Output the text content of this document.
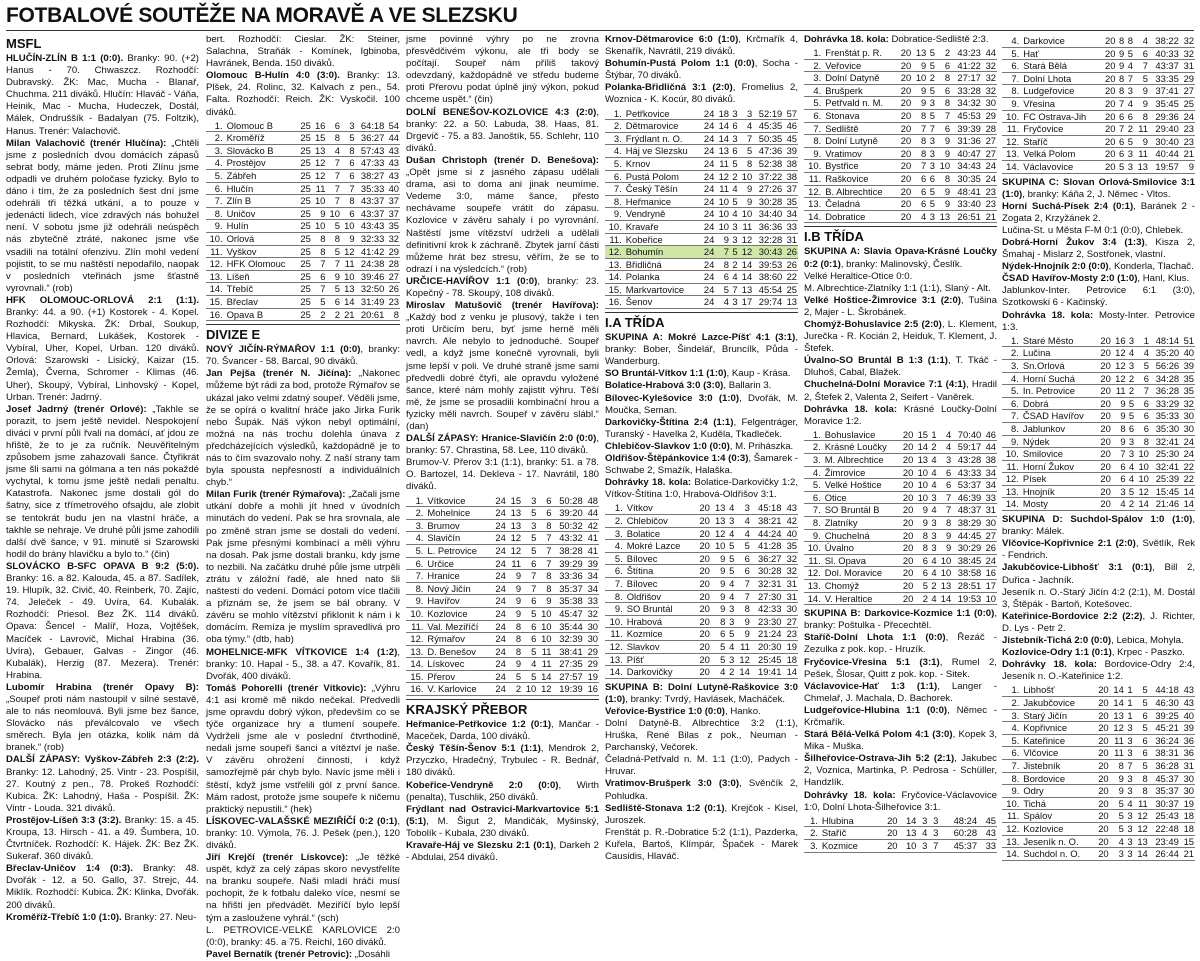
FOTBALOVÉ SOUTĚŽE NA MORAVĚ A VE SLEZSKU
MSFL

HLUČÍN-ZLÍN B 1:1 (0:0). Branky: 90. (+2) Hanus - 70. Chwaszcz. Rozhodčí: Dubravský. ŽK: Mac, Mucha - Blanař, Chuchma. 211 diváků. Hlučín: Hlaváč - Váňa, Heinik, Mac - Mucha, Hudeczek, Dostál, Málek, Ondruššík - Badalyan (75. Foltzik), Hanus. Trenér: Valachovič.

Milan Valachovič (trenér Hlučína): „Chtěli jsme z posledních dvou domácích zápasů sebrat body, máme jeden. Proti Zlínu jsme odpadli ve druhém poločase fyzicky. Bylo to dáno i tím, že za posledních šest dní jsme odehráli tři těžká utkání, a to pouze v jedenácti lidech, více zdravých nás bohužel není. V sobotu jsme již odehráli neúspěch nás zbytečně ztráté, nakonec jsme vše vsadili na totální ofenzivu. Zlín mohl vedení pojistit, to se mu naštěstí nepodařilo, naopak v posledních vteřinách jsme šťastně vyrovnali.“ (rob)

HFK OLOMOUC-ORLOVÁ 2:1 (1:1). Branky: 44. a 90. (+1) Kostorek - 4. Kopel. Rozhodčí: Mikyska. ŽK: Drbal, Soukup, Hlavica, Bernard, Lukášek, Kostorek - Vybíral, Uher, Kopel, Urban. 120 diváků. Orlová: Szarowski - Lisický, Kaizar (15. Žemla), Čverna, Schromer - Klimas (46. Uher), Skoupý, Vybíral, Linhovský - Kopel, Urban. Trenér: Jadrný.

Josef Jadrný (trenér Orlové): „Takhle se porazit, to jsem ještě nevidel. Nespokojení diváci v první půli řvali na domácí, ať jdou ze hřiště, že to je za ručník. Neuvěřitelným způsobem jsme zahazovali šance. Čtyřikrát jsme šli sami na gólmana a ten nás pokaždé vychytal, k tomu jsme ještě nedali penaltu. Katastrofa. Nakonec jsme dostali gól do šatny, sice z třímetrového ofsajdu, ale zlobit se tentokrát budu jen na vlastní hráče, a takhle se nehraje. Ve druhé půli jsme zahodili další dvě šance, v 91. minutě si Szarowski hodil do brány hlavičku a bylo to.“ (čin)

SLOVÁCKO B-SFC OPAVA B 9:2 (5:0). Branky: 16. a 82. Kalouda, 45. a 87. Sadílek, 19. Hlupík, 32. Civič, 40. Reinberk, 70. Zajíc, 74. Jeleček - 49. Uvíra, 64. Kubalák. Rozhodčí: Priesol. Bez ŽK. 114 diváků. Opava: Šencel - Malíř, Hoza, Vojtěšek, Macíček - Lavrovič, Michal Hrabina (36. Uvíra), Gebauer, Galvas - Zingor (46. Kubalák), Herzig (87. Mezera). Trenér: Hrabina.

Lubomír Hrabina (trenér Opavy B): „Soupeř proti nám nastoupil v silné sestavě, ale to nás neomlouvá. Byli jsme bez šance, Slovácko nás převálcovalo ve všech směrech. Byla jen otázka, kolik nám dá branek.“ (rob)

DALŠÍ ZÁPASY: Vyškov-Zábřeh 2:3 (2:2). Branky: 12. Lahodný, 25. Vintr - 23. Pospíšil, 27. Koutný z pen., 78. Prokeš Rozhodčí: Kubica. ŽK: Lahodný, Haša - Pospíšil. ŽK: Vintr - Louda. 321 diváků.

Prostějov-Líšeň 3:3 (3:2). Branky: 15. a 45. Kroupa, 13. Hirsch - 41. a 49. Šumbera, 10. Čtvrtníček. Rozhodčí: K. Hájek. ŽK: Bez ŽK. Sukeraf. 360 diváků.

Břeclav-Uničov 1:4 (0:3). Branky: 48. Dvořák - 12. a 50. Gallo, 37. Strejc, 44. Miklík. Rozhodčí: Kubica. ŽK: Klinka, Dvořák. 200 diváků.

Kroměříž-Třebíč 1:0 (1:0). Branky: 27. Neu-

bert. Rozhodčí: Cieslar. ŽK: Steiner, Salachna, Straňák - Komínek, Igbinoba, Havránek, Benda. 150 diváků.

Olomouc B-Hulín 4:0 (3:0). Branky: 13. Plšek, 24. Rolinc, 32. Kalvach z pen., 54. Falta. Rozhodčí: Reich. ŽK: Vyskočil. 100 diváků.

1.	Olomouc B	25	16	6	3	64:18	54
2.	Kroměříž	25	15	8	5	36:27	44
3.	Slovácko B	25	13	4	8	57:43	43
4.	Prostějov	25	12	7	6	47:33	43
5.	Zábřeh	25	12	7	6	38:27	43
6.	Hlučín	25	11	7	7	35:33	40
7.	Zlín B	25	10	7	8	43:37	37
8.	Uničov	25	9	10	6	43:37	37
9.	Hulín	25	10	5	10	43:43	35
10.	Orlová	25	8	8	9	32:33	32
11.	Vyškov	25	8	5	12	41:42	29
12.	HFK Olomouc	25	7	7	11	24:38	28
13.	Líšeň	25	6	9	10	39:46	27
14.	Třebíč	25	7	5	13	32:50	26
15.	Břeclav	25	5	6	14	31:49	23
16.	Opava B	25	2	2	21	20:61	8
DIVIZE E

NOVÝ JIČÍN-RÝMAŘOV 1:1 (0:0), branky: 70. Švancer - 58. Barcal, 90 diváků.

Jan Pejša (trenér N. Jičína): „Nakonec můžeme být rádi za bod, protože Rýmařov se ukázal jako velmi zdatný soupeř. Věděli jsme, že se opírá o kvalitní hráče jako Jirka Furik nebo Šupák. Náš výkon nebyl optimální, možná na nás trochu dolehla únava z předcházejících výsledků, každopádně je to nás to čím svazovalo nohy. Z naší strany tam byla spousta nepřesností a individuálních chyb.“

Milan Furik (trenér Rýmařova): „Začali jsme utkání dobře a mohli jít hned v úvodních minutách do vedení. Pak se hra srovnala, ale po změně stran jsme se dostali do vedení. Pak jsme přesnými kombinací a měli výhru na dosah. Pak jsme dostali branku, kdy jsme to nezbili. Na začátku druhé půle jsme utrpěli ztrátu v záložní řadě, ale hned nato šli naštestí do vedení. Domácí potom více tlačili a přiznám se, že jsem se bál obrany. V závěru se mohlo vítězství přiklonit k nám i k domácím. Remíza je myslím spravedlivá pro oba týmy.“ (dtb, hab)

MOHELNICE-MFK VÍTKOVICE 1:4 (1:2), branky: 10. Hapal - 5., 38. a 47. Kovařík, 81. Dvořák, 400 diváků.

Tomáš Pohorelli (trenér Vítkovic): „Výhru 4:1 asi kromě mě nikdo nečekal. Předvedli jsme opravdu dobrý výkon, především co se týče organizace hry a tlumení soupeře. Vydrželi jsme ale v poslední čtvrthodině, nedali jsme soupeři šanci a vítěztví je naše. V závěru ohrožení činnosti, i když samozřejmě pár chyb bylo. Navíc jsme měli i štěstí, když jsme vstřelili gól z první šance. Mám radost, protože jsme soupeře k ničemu praktický nepustili.“ (hek)

LÍSKOVEC-VALAŠSKÉ MEZIŘÍČÍ 0:2 (0:1), branky: 10. Výmola, 76. J. Pešek (pen.), 120 diváků.

Jiří Krejčí (trenér Lískovce): „Je těžké uspět, když za celý zápas skoro nevystřelíte na branku soupeře. Naši mladí hráči musí pochopit, že k fotbalu daleko více, nesmí se na hřišti jen předvádět. Meziříčí bylo lepší tým a zasloužene vyhrál.“ (sch)

L. PETROVICE-VELKÉ KARLOVICE 2:0 (0:0), branky: 45. a 75. Reichl, 160 diváků.

Pavel Bernatík (trenér Petrovic): „Dosáhli

jsme povinné výhry po ne zrovna přesvědčivém výkonu, ale tři body se počítají. Soupeř nám příliš takový odevzdaný, každopádně ve středu budeme proti Přerovu podat úplně jiný výkon, pokud chceme uspět.“ (čin)

DOLNÍ BENEŠOV-KOZLOVICE 4:3 (2:0), branky: 22. a 50. Labuda, 38. Haas, 81. Drgevič - 75. a 83. Janoštík, 55. Schlehr, 110 diváků.

Dušan Christoph (trenér D. Benešova): „Opět jsme si z jasného zápasu udělali drama, asi to doma ani jinak neumíme. Vedeme 3:0, máme šance, přesto nechávame soupeře vrátit do zápasu. Kozlovice v závěru sahaly i po vyrovnání. Naštěstí jsme vítězství udrželi a udělali definitivní krok k záchraně. Zbytek jarní části můžeme hrát bez stresu, věřím, že se to odrazí i na výsledcích.“ (rob)

URČICE-HAVÍŘOV 1:1 (0:0), branky: 23. Kopečný - 78. Skoupý, 108 diváků.

Miroslav Matušovič (trenér Havířova): „Každý bod z venku je plusový, takže i ten proti Určicím beru, byť jsme herně měli navrch. Ale nebylo to jednoduché. Soupeř vedl, a když jsme konečně vyrovnali, byli jsme lepší v poli. Ve druhé straně jsme sami předvedli dobré čtyři, ale opravdu vyložené šance, které nám mohly zajistit výhru. Těší mě, že jsme se prosadili kombinační hrou a fyzicky měli navrch. Soupeř v závěru slábl.“ (dan)

DALŠÍ ZÁPASY: Hranice-Slavičín 2:0 (0:0), branky: 57. Chrastina, 58. Lee, 110 diváků.

Brumov-V. Přerov 3:1 (1:1), branky: 51. a 78. O. Bartozel, 14. Dekleva - 17. Navrátil, 180 diváků.

1.	Vítkovice	24	15	3	6	50:28	48
2.	Mohelnice	24	13	5	6	39:20	44
3.	Brumov	24	13	3	8	50:32	42
4.	Slavičín	24	12	5	7	43:32	41
5.	L. Petrovice	24	12	5	7	38:28	41
6.	Určice	24	11	6	7	39:29	39
7.	Hranice	24	9	7	8	33:36	34
8.	Nový Jičín	24	9	7	8	35:37	34
9.	Havířov	24	9	6	9	35:38	33
10.	Kozlovice	24	9	5	10	45:47	32
11.	Val. Meziříčí	24	8	6	10	35:44	30
12.	Rýmařov	24	8	6	10	32:39	30
13.	D. Benešov	24	8	5	11	38:41	29
14.	Lískovec	24	9	4	11	27:35	29
15.	Přerov	24	5	5	14	27:57	19
16.	V. Karlovice	24	2	10	12	19:39	16
KRAJSKÝ PŘEBOR

Heřmanice-Petřkovice 1:2 (0:1), Mančar - Maceček, Darda, 100 diváků.

Český Těšín-Šenov 5:1 (1:1), Mendrok 2, Przyczko, Hradečný, Trybulec - R. Bednář, 180 diváků.

Kobeřice-Vendryně 2:0 (0:0), Wirth (penalta), Tuschlik, 250 diváků.

Frýdlant nad Ostravicí-Markvartovice 5:1 (5:1), M. Šigut 2, Mandičák, Myšinský, Tobolík - Kubala, 230 diváků.

Kravaře-Háj ve Slezsku 2:1 (0:1), Darkeh 2 - Abdulai, 254 diváků.

Krnov-Dětmarovice 6:0 (1:0), Krčmařík 4, Skenařík, Navrátil, 219 diváků.

Bohumín-Pustá Polom 1:1 (0:0), Socha - Štýbar, 70 diváků.

Polanka-Břidličná 3:1 (2:0), Fromelius 2, Woznica - K. Kocúr, 80 diváků.

1.	Petřkovice	24	18	3	3	52:19	57
2.	Dětmarovice	24	14	6	4	45:35	46
3.	Frýdlant n. O.	24	14	3	7	50:35	45
4.	Háj ve Slezsku	24	13	6	5	47:36	39
5.	Krnov	24	11	5	8	52:38	38
6.	Pustá Polom	24	12	2	10	37:22	38
7.	Český Těšín	24	11	4	9	27:26	37
8.	Heřmanice	24	10	5	9	30:28	35
9.	Vendryně	24	10	4	10	34:40	34
10.	Kravaře	24	10	3	11	36:36	33
11.	Kobeřice	24	9	3	12	32:28	31
12.	Bohumín	24	7	5	12	30:43	26
13.	Břidličná	24	8	2	14	39:53	26
14.	Polanka	24	6	4	14	38:60	22
15.	Markvartovice	24	5	7	13	45:54	25
16.	Šenov	24	4	3	17	29:74	13
I.A TŘÍDA

SKUPINA A: Mokré Lazce-Píšť 4:1 (3:1), branky: Bober, Šindelář, Bruncílk, Půda - Wanderburg.

SO Bruntál-Vítkov 1:1 (1:0), Kaup - Krása.

Bolatice-Hrabová 3:0 (3:0), Ballarin 3.

Bílovec-Kylešovice 3:0 (1:0), Dvořák, M. Moučka, Seman.

Darkovičky-Štítina 2:4 (1:1), Felgentráger, Turanský - Havelka 2, Kuděla, Tkadleček.

Chlebičov-Slavkov 1:0 (0:0), M. Prihászka.

Oldřišov-Štěpánkovice 1:4 (0:3), Šamarek - Schwabe 2, Smažík, Halaška.

Dohrávky 18. kola: Bolatice-Darkovičky 1:2, Vítkov-Štítina 1:0, Hrabová-Oldřišov 3:1.

1.	Vítkov	20	13	4	3	45:18	43
2.	Chlebičov	20	13	3	4	38:21	42
3.	Bolatice	20	12	4	4	44:24	40
4.	Mokré Lazce	20	10	5	5	41:28	35
5.	Bílovec	20	9	5	6	36:27	32
6.	Štítina	20	9	5	6	30:28	32
7.	Bílovec	20	9	4	7	32:31	31
8.	Oldřišov	20	9	4	7	27:30	31
9.	SO Bruntál	20	9	3	8	42:33	30
10.	Hrabová	20	8	3	9	23:30	27
11.	Kozmice	20	6	5	9	21:24	23
12.	Slavkov	20	5	4	11	20:30	19
13.	Píšť	20	5	3	12	25:45	18
14.	Darkovičky	20	4	2	14	19:41	14

SKUPINA B: Dolní Lutyně-Raškovice 3:0 (1:0), branky: Tvrdý, Havlásek, Macháček.

Veřovice-Bystřice 1:0 (0:0), Hanko.

Dolní Datyně-B. Albrechtice 3:2 (1:1), Hruška, René Bilas z pok., Neuman - Parchanský, Večorek.

Čeladná-Petřvald n. M. 1:1 (1:0), Padych - Hruvar.

Vratimov-Brušperk 3:0 (3:0), Svěnčík 2, Pohludka.

Sedliště-Stonava 1:2 (0:1), Krejčok - Kisel, Juroszek.

Frenštát p. R.-Dobratice 5:2 (1:1), Pazderka, Kuřela, Bartoš, Klímpár, Špaček - Marek Causidis, Hlaváč.

Dohrávka 18. kola: Dobratice-Sedliště 2:3.

1.	Frenštát p. R.	20	13	5	2	43:23	44
2.	Veřovice	20	9	5	6	41:22	32
3.	Dolní Datyně	20	10	2	8	27:17	32
4.	Brušperk	20	9	5	6	33:28	32
5.	Petřvald n. M.	20	9	3	8	34:32	30
6.	Stonava	20	8	5	7	45:53	29
7.	Sedliště	20	7	7	6	39:39	28
8.	Dolní Lutyně	20	8	3	9	31:36	27
9.	Vratimov	20	8	3	9	40:47	27
10.	Bystřice	20	7	3	10	34:43	24
11.	Raškovice	20	6	6	8	30:35	24
12.	B. Albrechtice	20	6	5	9	48:41	23
13.	Čeladná	20	6	5	9	33:40	23
14.	Dobratice	20	4	3	13	26:51	21
I.B TŘÍDA

SKUPINA A: Slavia Opava-Krásné Loučky 0:2 (0:1), branky: Malinovský, Česlík.

Velké Heraltice-Otice 0:0.

M. Albrechtice-Zlatníky 1:1 (1:1), Slaný - Alt.

Velké Hoštice-Žimrovice 3:1 (2:0), Tušina 2, Majer - L. Škrobánek.

Chomýž-Bohuslavice 2:5 (2:0), L. Klement, Jurečka - R. Kocián 2, Heiduk, T. Klement, J. Štefek.

Úvalno-SO Bruntál B 1:3 (1:1), T. Tkáč - Dluhoš, Cabal, Blažek.

Chuchelná-Dolní Moravice 7:1 (4:1), Hradil 2, Štefek 2, Valenta 2, Seifert - Vaněrek.

Dohrávka 18. kola: Krásné Loučky-Dolní Moravice 1:2.

1.	Bohuslavice	20	15	1	4	70:40	46
2.	Krásné Loučky	20	14	2	4	59:17	44
3.	M. Albrechtice	20	13	4	3	43:28	38
4.	Žimrovice	20	10	4	6	43:33	34
5.	Velké Hoštice	20	10	4	6	53:37	34
6.	Otice	20	10	3	7	46:39	33
7.	SO Bruntál B	20	9	4	7	48:37	31
8.	Zlatníky	20	9	3	8	38:29	30
9.	Chuchelná	20	8	3	9	44:45	27
10.	Úvalno	20	8	3	9	30:29	26
11.	Sl. Opava	20	6	4	10	38:45	24
12.	Dol. Moravice	20	6	4	10	38:58	16
13.	Chomýž	20	5	2	13	28:51	17
14.	V. Heraltice	20	2	4	14	19:53	10

SKUPINA B: Darkovice-Kozmice 1:1 (0:0), branky: Poštulka - Přecechtěl.

Staříč-Dolní Lhota 1:1 (0:0), Řezáč - Zezulka z pok. kop. - Hruzík.

Fryčovice-Vřesina 5:1 (3:1), Rumel 2, Pešek, Šlosar, Quitt z pok. kop. - Sitek.

Václavovice-Hať 1:3 (1:1), Langer - Chmelař, J. Machala, D. Bachorek.

Ludgeřovice-Hlubina 1:1 (0:0), Němec - Krčmařík.

Stará Bělá-Velká Polom 4:1 (3:0), Kopek 3, Mika - Muška.

Šilheřovice-Ostrava-Jih 5:2 (2:1), Jakubec 2, Vozniсa, Martinka, P. Pedrosa - Schüller, Handzlík.

Dohrávky 18. kola: Fryčovice-Václavovice 1:0, Dolní Lhota-Šilheřovice 3:1.

1.	Hlubina	20	14	3	3	48:24	45
2.	Staříč	20	13	4	3	60:28	43
3.	Kozmice	20	10	3	7	45:37	33
4.	Darkovice	20	8	8	4	38:22	32
5.	Hať	20	9	5	6	40:33	32
6.	Stará Bělá	20	9	4	7	43:37	31
7.	Dolní Lhota	20	8	7	5	33:35	29
8.	Ludgeřovice	20	8	3	9	37:41	27
9.	Vřesina	20	7	4	9	35:45	25
10.	FC Ostrava-Jih	20	6	6	8	29:36	24
11.	Fryčovice	20	7	2	11	29:40	23
12.	Staříč	20	6	5	9	30:40	23
13.	Velká Polom	20	6	3	11	40:44	21
14.	Václavovice	20	5	3	13	19:57	9

SKUPINA C: Slovan Orlová-Smilovice 3:1 (1:0), branky: Káňa 2, J. Němec - Vltos.

Horní Suchá-Písek 2:4 (0:1), Baránek 2 - Zogata 2, Krzyžánek 2.

Lučina-St. u Města F-M 0:1 (0:0), Chlebek.

Dobrá-Horní Žukov 3:4 (1:3), Kisza 2, Šmahaj - Mislarz 2, Sostřonek, vlastní.

Nýdek-Hnojník 2:0 (0:0), Konderla, Tlachač.

ČSAD Havířov-Mosty 2:0 (1:0), Hanl, Klus.

Jablunkov-Inter. Petrovice 6:1 (3:0), Szotkowski 6 - Kačinský.

Dohrávka 18. kola: Mosty-Inter. Petrovice 1:3.

1.	Staré Město	20	16	3	1	48:14	51
2.	Lučina	20	12	4	4	35:20	40
3.	Sn.Orlová	20	12	3	5	56:26	39
4.	Horní Suchá	20	12	2	6	34:28	35
5.	In. Petrovice	20	11	2	7	36:28	35
6.	Dobrá	20	9	5	6	33:29	32
7.	ČSAD Havířov	20	9	5	6	35:33	30
8.	Jablunkov	20	8	6	6	35:30	30
9.	Nýdek	20	9	3	8	32:41	24
10.	Smilovice	20	7	3	10	25:30	24
11.	Horní Žukov	20	6	4	10	32:41	22
12.	Písek	20	6	4	10	25:39	22
13.	Hnojník	20	3	5	12	15:45	14
14.	Mosty	20	4	2	14	21:46	14

SKUPINA D: Suchdol-Spálov 1:0 (1:0), branky: Málek.

Vlčovice-Kopřivnice 2:1 (2:0), Světlík, Rek - Fendrich.

Jakubčovice-Libhošť 3:1 (0:1), Bill 2, Duřica - Jachník.

Jeseník n. O.-Starý Jičín 4:2 (2:1), M. Dostál 3, Štěpák - Bartoň, Kotešovec.

Kateřinice-Bordovice 2:2 (2:2), J. Richter, D. Lys - Petr 2.

Jistebník-Tichá 2:0 (0:0), Lebica, Mohyla.

Kozlovice-Odry 1:1 (0:1), Krpec - Paszko.

Dohrávky 18. kola: Bordovice-Odry 2:4, Jeseník n. O.-Kateřinice 1:2.

1.	Libhošť	20	14	1	5	44:18	43
2.	Jakubčovice	20	14	1	5	46:30	43
3.	Starý Jičín	20	13	1	6	39:25	40
4.	Kopřivnice	20	12	3	5	45:21	39
5.	Kateřinice	20	11	3	6	36:24	36
6.	Vlčovice	20	11	3	6	38:31	36
7.	Jistebník	20	8	7	5	36:28	31
8.	Bordovice	20	9	3	8	45:37	30
9.	Odry	20	9	3	8	35:37	30
10.	Tichá	20	5	4	11	30:37	19
11.	Spálov	20	5	3	12	25:43	18
12.	Kozlovice	20	5	3	12	22:48	18
13.	Jeseník n. O.	20	4	3	13	23:49	15
14.	Suchdol n. O.	20	3	3	14	26:44	21
